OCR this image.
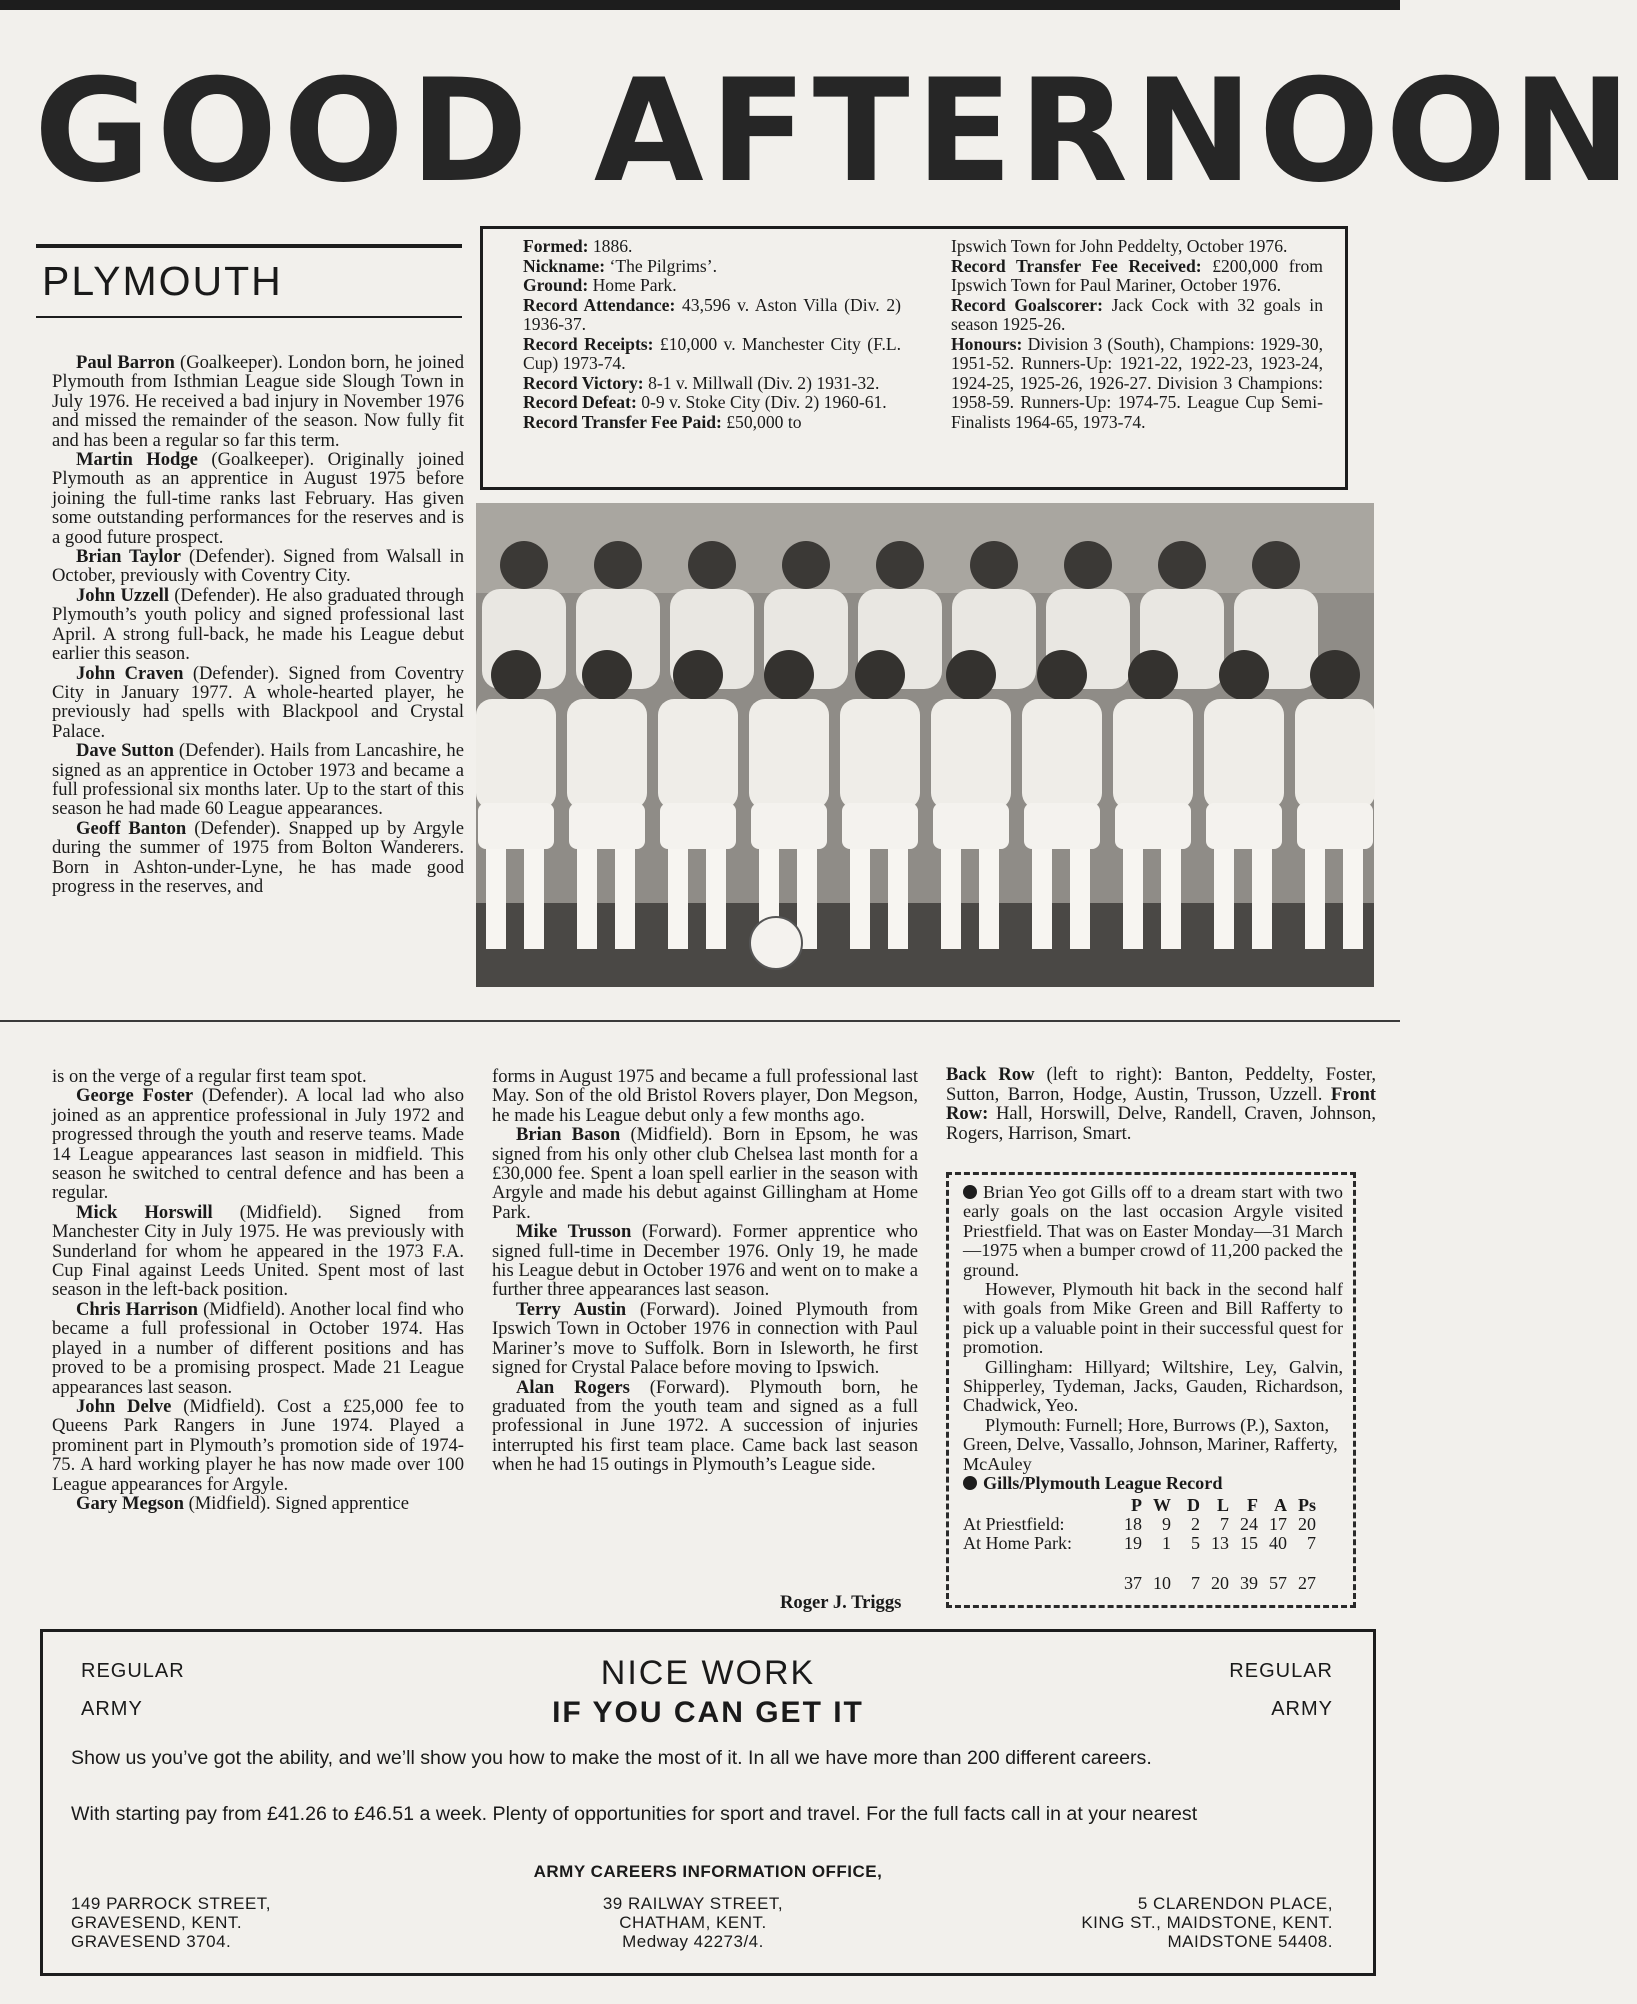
GOOD AFTERNOON
PLYMOUTH

Formed: 1886.

Nickname: ‘The Pilgrims’.

Ground: Home Park.

Record Attendance: 43,596 v. Aston Villa (Div. 2) 1936-37.

Record Receipts: £10,000 v. Manchester City (F.L. Cup) 1973-74.

Record Victory: 8-1 v. Millwall (Div. 2) 1931-32.

Record Defeat: 0-9 v. Stoke City (Div. 2) 1960-61.

Record Transfer Fee Paid: £50,000 to

Ipswich Town for John Peddelty, October 1976.

Record Transfer Fee Received: £200,000 from Ipswich Town for Paul Mariner, October 1976.

Record Goalscorer: Jack Cock with 32 goals in season 1925-26.

Honours: Division 3 (South), Champions: 1929-30, 1951-52. Runners-Up: 1921-22, 1922-23, 1923-24, 1924-25, 1925-26, 1926-27. Division 3 Champions: 1958-59. Runners-Up: 1974-75. League Cup Semi-Finalists 1964-65, 1973-74.

Paul Barron (Goalkeeper). London born, he joined Plymouth from Isthmian League side Slough Town in July 1976. He received a bad injury in November 1976 and missed the remainder of the season. Now fully fit and has been a regular so far this term.

Martin Hodge (Goalkeeper). Originally joined Plymouth as an apprentice in August 1975 before joining the full-time ranks last February. Has given some outstanding performances for the reserves and is a good future prospect.

Brian Taylor (Defender). Signed from Walsall in October, previously with Coventry City.

John Uzzell (Defender). He also graduated through Plymouth’s youth policy and signed professional last April. A strong full-back, he made his League debut earlier this season.

John Craven (Defender). Signed from Coventry City in January 1977. A whole-hearted player, he previously had spells with Blackpool and Crystal Palace.

Dave Sutton (Defender). Hails from Lancashire, he signed as an apprentice in October 1973 and became a full professional six months later. Up to the start of this season he had made 60 League appearances.

Geoff Banton (Defender). Snapped up by Argyle during the summer of 1975 from Bolton Wanderers. Born in Ashton-under-Lyne, he has made good progress in the reserves, and

is on the verge of a regular first team spot.

George Foster (Defender). A local lad who also joined as an apprentice professional in July 1972 and progressed through the youth and reserve teams. Made 14 League appearances last season in midfield. This season he switched to central defence and has been a regular.

Mick Horswill (Midfield). Signed from Manchester City in July 1975. He was previously with Sunderland for whom he appeared in the 1973 F.A. Cup Final against Leeds United. Spent most of last season in the left-back position.

Chris Harrison (Midfield). Another local find who became a full professional in October 1974. Has played in a number of different positions and has proved to be a promising prospect. Made 21 League appearances last season.

John Delve (Midfield). Cost a £25,000 fee to Queens Park Rangers in June 1974. Played a prominent part in Plymouth’s promotion side of 1974-75. A hard working player he has now made over 100 League appearances for Argyle.

Gary Megson (Midfield). Signed apprentice

forms in August 1975 and became a full professional last May. Son of the old Bristol Rovers player, Don Megson, he made his League debut only a few months ago.

Brian Bason (Midfield). Born in Epsom, he was signed from his only other club Chelsea last month for a £30,000 fee. Spent a loan spell earlier in the season with Argyle and made his debut against Gillingham at Home Park.

Mike Trusson (Forward). Former apprentice who signed full-time in December 1976. Only 19, he made his League debut in October 1976 and went on to make a further three appearances last season.

Terry Austin (Forward). Joined Plymouth from Ipswich Town in October 1976 in connection with Paul Mariner’s move to Suffolk. Born in Isleworth, he first signed for Crystal Palace before moving to Ipswich.

Alan Rogers (Forward). Plymouth born, he graduated from the youth team and signed as a full professional in June 1972. A succession of injuries interrupted his first team place. Came back last season when he had 15 outings in Plymouth’s League side.

Roger J. Triggs
Back Row (left to right): Banton, Peddelty, Foster, Sutton, Barron, Hodge, Austin, Trusson, Uzzell. Front Row: Hall, Horswill, Delve, Randell, Craven, Johnson, Rogers, Harrison, Smart.

Brian Yeo got Gills off to a dream start with two early goals on the last occasion Argyle visited Priestfield. That was on Easter Monday—31 March—1975 when a bumper crowd of 11,200 packed the ground.

However, Plymouth hit back in the second half with goals from Mike Green and Bill Rafferty to pick up a valuable point in their successful quest for promotion.

Gillingham: Hillyard; Wiltshire, Ley, Galvin, Shipperley, Tydeman, Jacks, Gauden, Richardson, Chadwick, Yeo.

Plymouth: Furnell; Hore, Burrows (P.), Saxton, Green, Delve, Vassallo, Johnson, Mariner, Rafferty, McAuley

Gills/Plymouth League Record

P W D L	F A Ps
At Priestfield:	18	9	2	7 24 17 20
At Home Park:	19	1	5 13 15 40	7
37 10	7 20 39 57 27
REGULAR
ARMY
REGULAR
ARMY
NICE WORK
IF YOU CAN GET IT
Show us you’ve got the ability, and we’ll show you how to make the most of it. In all we have more than 200 different careers.
With starting pay from £41.26 to £46.51 a week. Plenty of opportunities for sport and travel. For the full facts call in at your nearest
ARMY CAREERS INFORMATION OFFICE,
149 PARROCK STREET,
GRAVESEND, KENT.
GRAVESEND 3704.
39 RAILWAY STREET,
CHATHAM, KENT.
Medway 42273/4.
5 CLARENDON PLACE,
KING ST., MAIDSTONE, KENT.
MAIDSTONE 54408.
